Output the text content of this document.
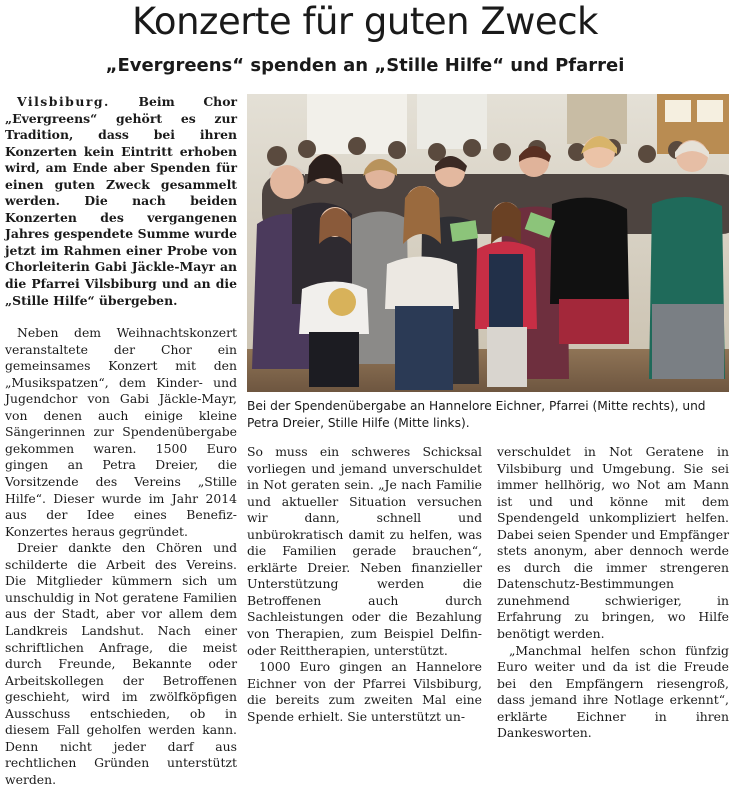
Konzerte für guten Zweck
„Evergreens“ spenden an „Stille Hilfe“ und Pfarrei

Vilsbiburg. Beim Chor „Evergreens“ gehört es zur Tradition, dass bei ihren Konzerten kein Eintritt erhoben wird, am Ende aber Spenden für einen guten Zweck gesammelt werden. Die nach beiden Konzerten des vergangenen Jahres gespendete Summe wurde jetzt im Rahmen einer Probe von Chorleiterin Gabi Jäckle-Mayr an die Pfarrei Vilsbiburg und an die „Stille Hilfe“ übergeben.

Neben dem Weihnachtskonzert veranstaltete der Chor ein gemeinsames Konzert mit den „Musikspatzen“, dem Kinder- und Jugendchor von Gabi Jäckle-Mayr, von denen auch einige kleine Sängerinnen zur Spendenübergabe gekommen waren. 1500 Euro gingen an Petra Dreier, die Vorsitzende des Vereins „Stille Hilfe“. Dieser wurde im Jahr 2014 aus der Idee eines Benefiz-Konzertes heraus gegründet.

Dreier dankte den Chören und schilderte die Arbeit des Vereins. Die Mitglieder kümmern sich um unschuldig in Not geratene Familien aus der Stadt, aber vor allem dem Landkreis Landshut. Nach einer schriftlichen Anfrage, die meist durch Freunde, Bekannte oder Arbeitskollegen der Betroffenen geschieht, wird im zwölfköpfigen Ausschuss entschieden, ob in diesem Fall geholfen werden kann. Denn nicht jeder darf aus rechtlichen Gründen unterstützt werden.

Bei der Spendenübergabe an Hannelore Eichner, Pfarrei (Mitte rechts), und Petra Dreier, Stille Hilfe (Mitte links).

So muss ein schweres Schicksal vorliegen und jemand unverschuldet in Not geraten sein. „Je nach Familie und aktueller Situation versuchen wir dann, schnell und unbürokratisch damit zu helfen, was die Familien gerade brauchen“, erklärte Dreier. Neben finanzieller Unterstützung werden die Betroffenen auch durch Sachleistungen oder die Bezahlung von Therapien, zum Beispiel Delfin- oder Reittherapien, unterstützt.

1000 Euro gingen an Hannelore Eichner von der Pfarrei Vilsbiburg, die bereits zum zweiten Mal eine Spende erhielt. Sie unterstützt un-

verschuldet in Not Geratene in Vilsbiburg und Umgebung. Sie sei immer hellhörig, wo Not am Mann ist und und könne mit dem Spendengeld unkompliziert helfen. Dabei seien Spender und Empfänger stets anonym, aber dennoch werde es durch die immer strengeren Datenschutz-Bestimmungen zunehmend schwieriger, in Erfahrung zu bringen, wo Hilfe benötigt werden.

„Manchmal helfen schon fünfzig Euro weiter und da ist die Freude bei den Empfängern riesengroß, dass jemand ihre Notlage erkennt“, erklärte Eichner in ihren Dankesworten.
